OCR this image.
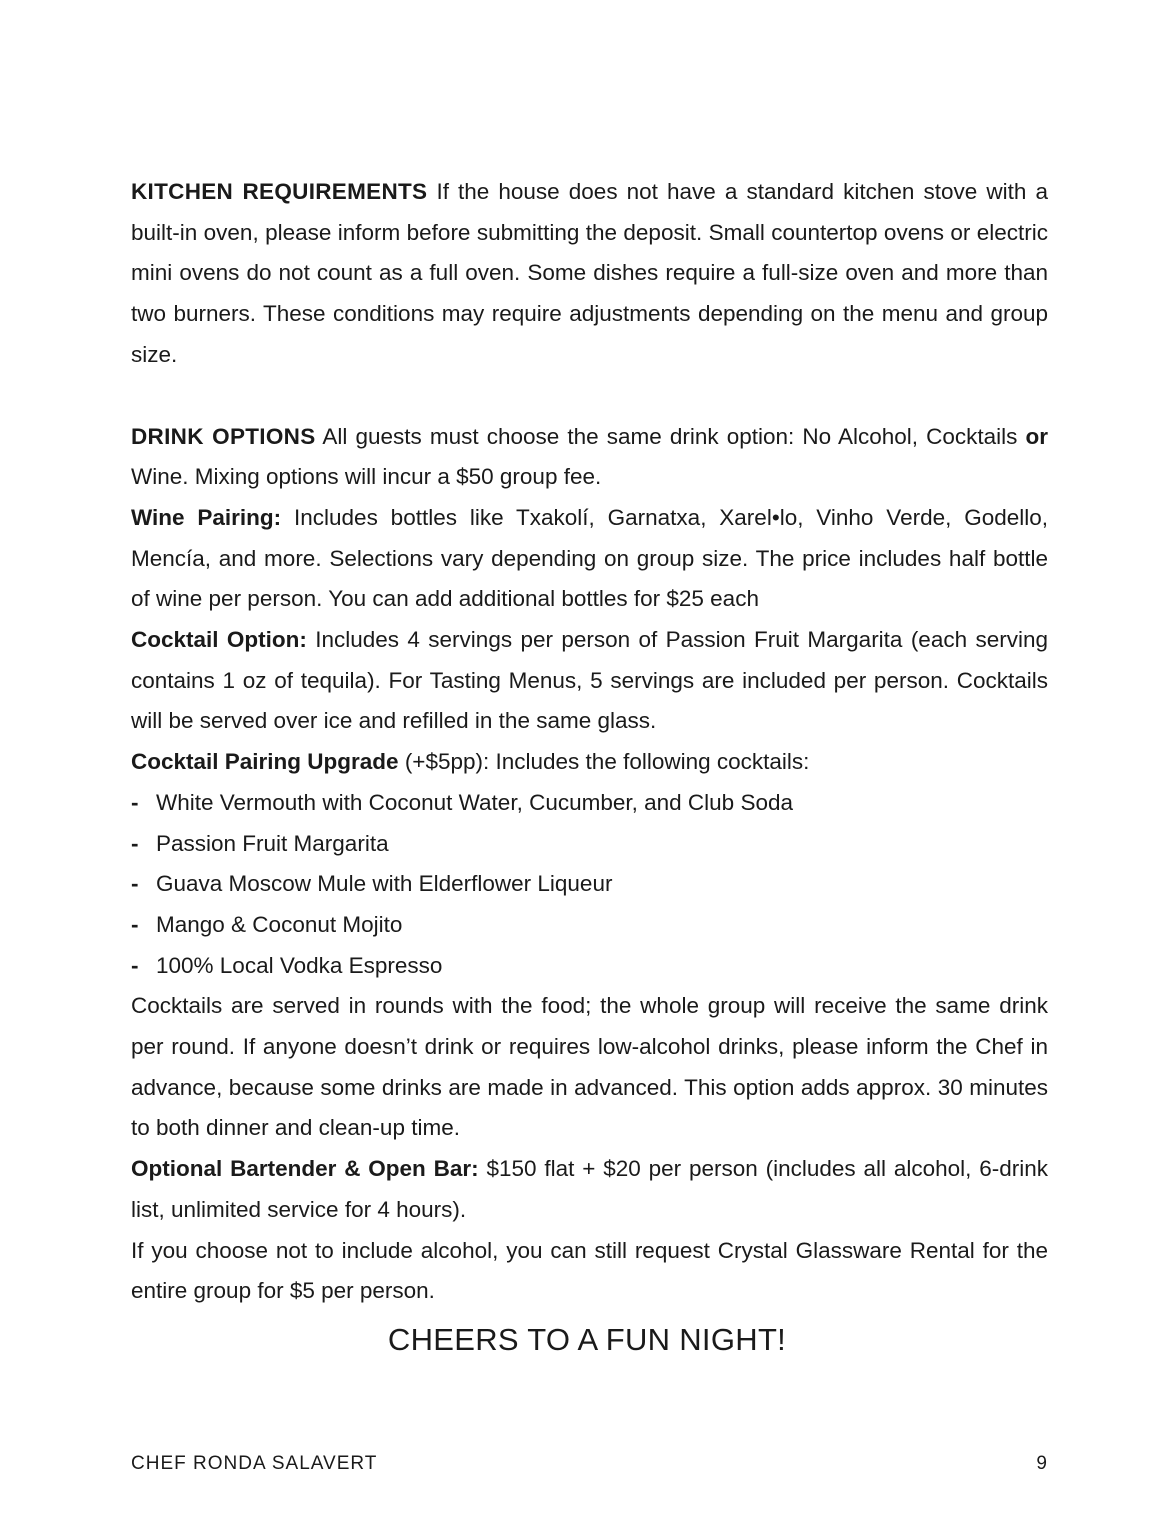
KITCHEN REQUIREMENTS If the house does not have a standard kitchen stove with a built-in oven, please inform before submitting the deposit. Small countertop ovens or electric mini ovens do not count as a full oven. Some dishes require a full-size oven and more than two burners. These conditions may require adjustments depending on the menu and group size.

DRINK OPTIONS All guests must choose the same drink option: No Alcohol, Cocktails or Wine. Mixing options will incur a $50 group fee.

Wine Pairing: Includes bottles like Txakolí, Garnatxa, Xarel•lo, Vinho Verde, Godello, Mencía, and more. Selections vary depending on group size. The price includes half bottle of wine per person. You can add additional bottles for $25 each

Cocktail Option: Includes 4 servings per person of Passion Fruit Margarita (each serving contains 1 oz of tequila). For Tasting Menus, 5 servings are included per person. Cocktails will be served over ice and refilled in the same glass.

Cocktail Pairing Upgrade (+$5pp): Includes the following cocktails:

- White Vermouth with Coconut Water, Cucumber, and Club Soda
- Passion Fruit Margarita
- Guava Moscow Mule with Elderflower Liqueur
- Mango & Coconut Mojito
- 100% Local Vodka Espresso

Cocktails are served in rounds with the food; the whole group will receive the same drink per round. If anyone doesn’t drink or requires low-alcohol drinks, please inform the Chef in advance, because some drinks are made in advanced. This option adds approx. 30 minutes to both dinner and clean-up time.

Optional Bartender & Open Bar: $150 flat + $20 per person (includes all alcohol, 6-drink list, unlimited service for 4 hours).

If you choose not to include alcohol, you can still request Crystal Glassware Rental for the entire group for $5 per person.

CHEERS TO A FUN NIGHT!
CHEF RONDA SALAVERT	9
